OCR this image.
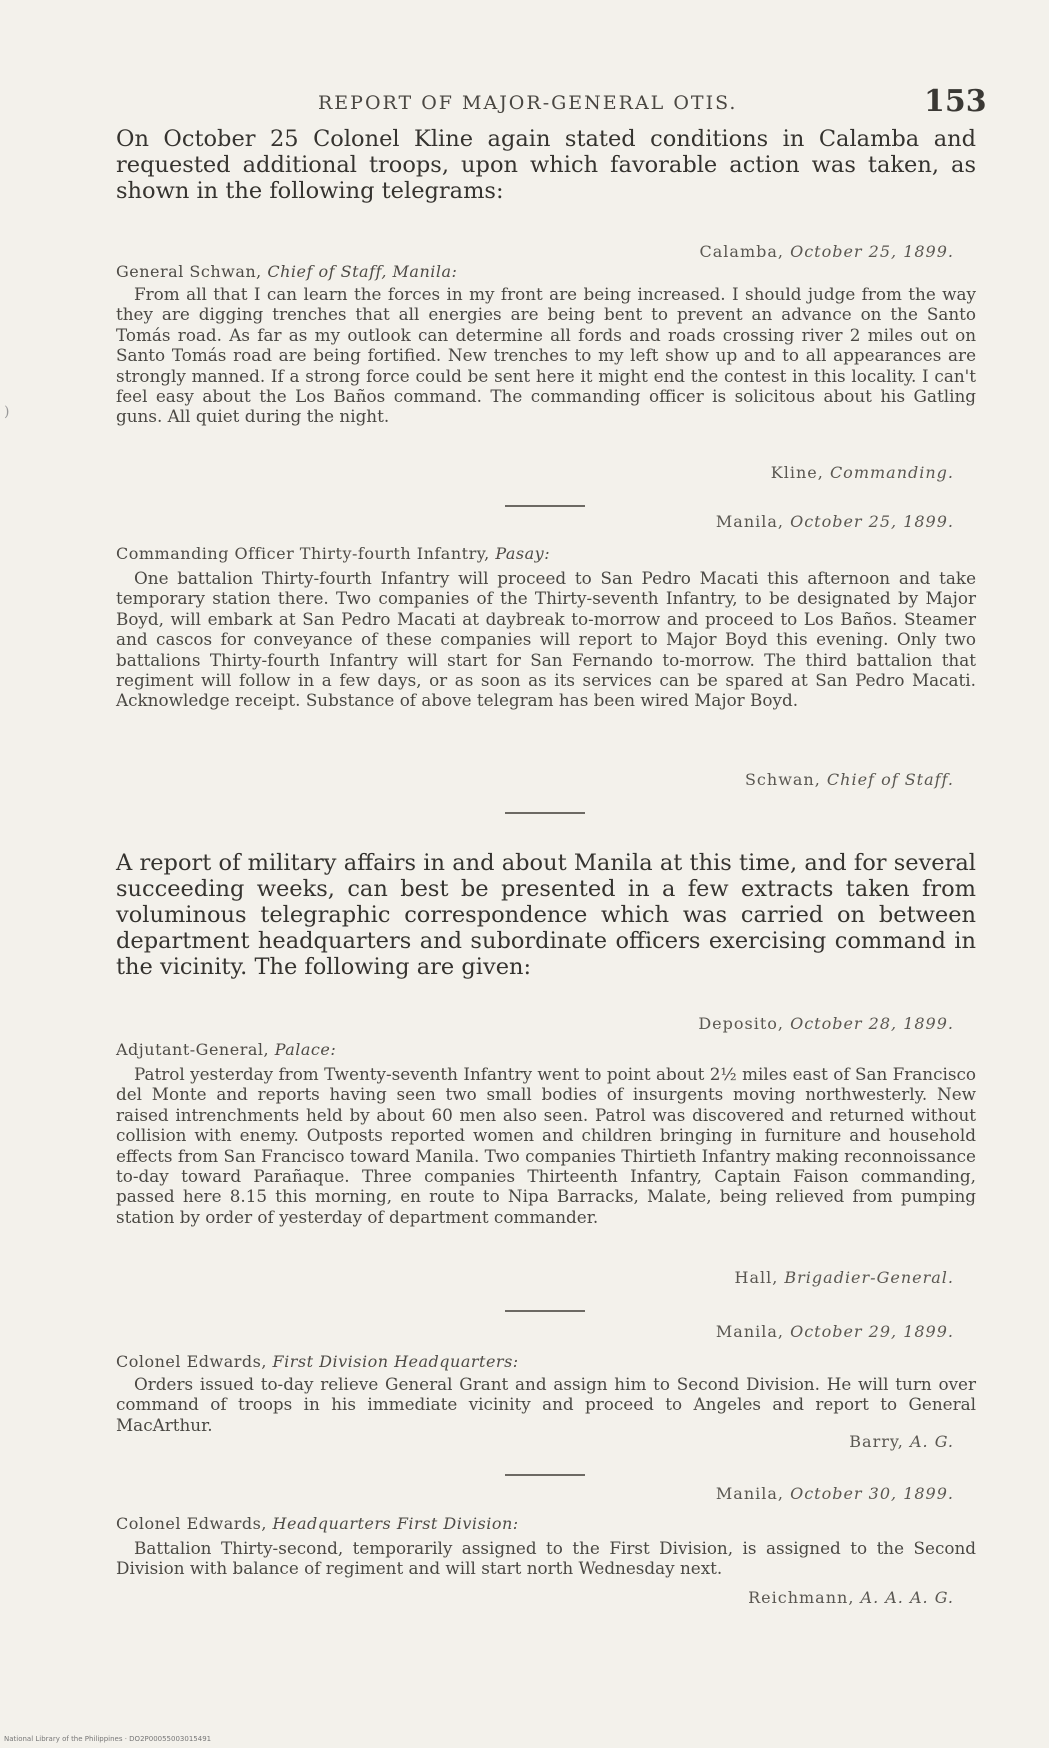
REPORT OF MAJOR-GENERAL OTIS.	153
)

On October 25 Colonel Kline again stated conditions in Calamba and requested additional troops, upon which favorable action was taken, as shown in the following telegrams:

Calamba, October 25, 1899.
General Schwan, Chief of Staff, Manila:

From all that I can learn the forces in my front are being increased. I should judge from the way they are digging trenches that all energies are being bent to prevent an advance on the Santo Tomás road. As far as my outlook can determine all fords and roads crossing river 2 miles out on Santo Tomás road are being fortified. New trenches to my left show up and to all appearances are strongly manned. If a strong force could be sent here it might end the contest in this locality. I can't feel easy about the Los Baños command. The commanding officer is solicitous about his Gatling guns. All quiet during the night.

Kline, Commanding.
Manila, October 25, 1899.
Commanding Officer Thirty-fourth Infantry, Pasay:

One battalion Thirty-fourth Infantry will proceed to San Pedro Macati this afternoon and take temporary station there. Two companies of the Thirty-seventh Infantry, to be designated by Major Boyd, will embark at San Pedro Macati at daybreak to-morrow and proceed to Los Baños. Steamer and cascos for conveyance of these companies will report to Major Boyd this evening. Only two battalions Thirty-fourth Infantry will start for San Fernando to-morrow. The third battalion that regiment will follow in a few days, or as soon as its services can be spared at San Pedro Macati. Acknowledge receipt. Substance of above telegram has been wired Major Boyd.

Schwan, Chief of Staff.

A report of military affairs in and about Manila at this time, and for several succeeding weeks, can best be presented in a few extracts taken from voluminous telegraphic correspondence which was carried on between department headquarters and subordinate officers exercising command in the vicinity. The following are given:

Deposito, October 28, 1899.
Adjutant-General, Palace:

Patrol yesterday from Twenty-seventh Infantry went to point about 2½ miles east of San Francisco del Monte and reports having seen two small bodies of insurgents moving northwesterly. New raised intrenchments held by about 60 men also seen. Patrol was discovered and returned without collision with enemy. Outposts reported women and children bringing in furniture and household effects from San Francisco toward Manila. Two companies Thirtieth Infantry making reconnoissance to-day toward Parañaque. Three companies Thirteenth Infantry, Captain Faison commanding, passed here 8.15 this morning, en route to Nipa Barracks, Malate, being relieved from pumping station by order of yesterday of department commander.

Hall, Brigadier-General.
Manila, October 29, 1899.
Colonel Edwards, First Division Headquarters:

Orders issued to-day relieve General Grant and assign him to Second Division. He will turn over command of troops in his immediate vicinity and proceed to Angeles and report to General MacArthur.

Barry, A. G.
Manila, October 30, 1899.
Colonel Edwards, Headquarters First Division:

Battalion Thirty-second, temporarily assigned to the First Division, is assigned to the Second Division with balance of regiment and will start north Wednesday next.

Reichmann, A. A. A. G.
National Library of the Philippines · DO2P00055003015491
